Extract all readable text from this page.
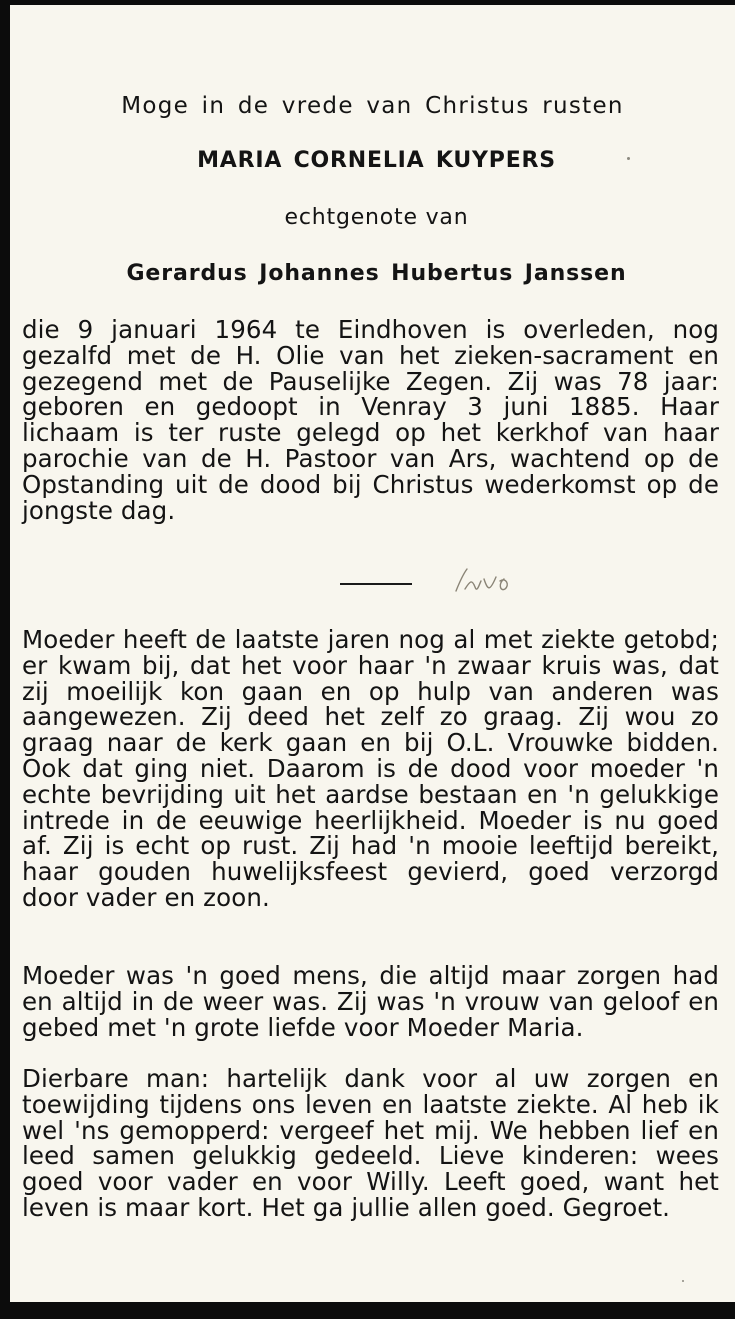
Moge in de vrede van Christus rusten
MARIA CORNELIA KUYPERS
echtgenote van
Gerardus Johannes Hubertus Janssen

die 9 januari 1964 te Eindhoven is overleden, nog gezalfd met de H. Olie van het zieken-sacrament en gezegend met de Pauselijke Zegen. Zij was 78 jaar: geboren en gedoopt in Venray 3 juni 1885. Haar lichaam is ter ruste gelegd op het kerkhof van haar parochie van de H. Pastoor van Ars, wachtend op de Opstanding uit de dood bij Christus wederkomst op de jongste dag.

Moeder heeft de laatste jaren nog al met ziekte getobd; er kwam bij, dat het voor haar 'n zwaar kruis was, dat zij moeilijk kon gaan en op hulp van anderen was aangewezen. Zij deed het zelf zo graag. Zij wou zo graag naar de kerk gaan en bij O.L. Vrouwke bidden. Ook dat ging niet. Daarom is de dood voor moeder 'n echte bevrijding uit het aardse bestaan en 'n gelukkige intrede in de eeuwige heerlijkheid. Moeder is nu goed af. Zij is echt op rust. Zij had 'n mooie leeftijd bereikt, haar gouden huwelijksfeest gevierd, goed verzorgd door vader en zoon.

Moeder was 'n goed mens, die altijd maar zorgen had en altijd in de weer was. Zij was 'n vrouw van geloof en gebed met 'n grote liefde voor Moeder Maria.

Dierbare man: hartelijk dank voor al uw zorgen en toewijding tijdens ons leven en laatste ziekte. Al heb ik wel 'ns gemopperd: vergeef het mij. We hebben lief en leed samen gelukkig gedeeld. Lieve kinderen: wees goed voor vader en voor Willy. Leeft goed, want het leven is maar kort. Het ga jullie allen goed. Gegroet.
